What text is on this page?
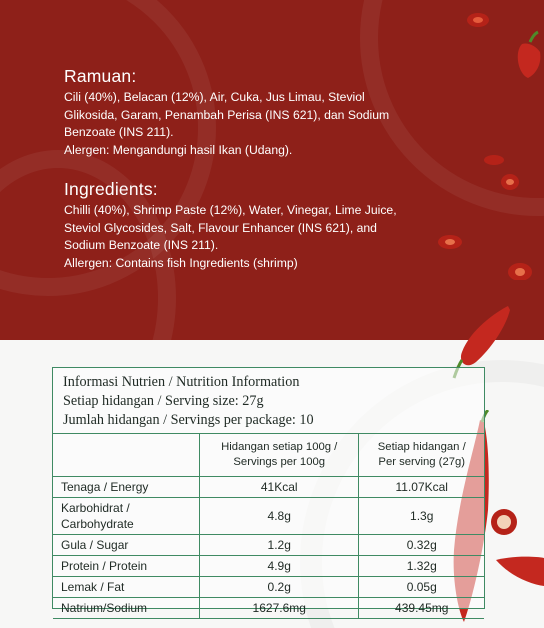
Ramuan:

Cili (40%), Belacan (12%), Air, Cuka, Jus Limau, Steviol
Glikosida, Garam, Penambah Perisa (INS 621), dan Sodium
Benzoate (INS 211).
Alergen: Mengandungi hasil Ikan (Udang).

Ingredients:

Chilli (40%), Shrimp Paste (12%), Water, Vinegar, Lime Juice,
Steviol Glycosides, Salt, Flavour Enhancer (INS 621), and
Sodium Benzoate (INS 211).
Allergen: Contains fish Ingredients (shrimp)

Informasi Nutrien / Nutrition Information
Setiap hidangan / Serving size: 27g
Jumlah hidangan / Servings per package: 10
	Hidangan setiap 100g /
Servings per 100g	Setiap hidangan /
Per serving (27g)
Tenaga / Energy	41Kcal	11.07Kcal
Karbohidrat /
Carbohydrate	4.8g	1.3g
Gula / Sugar	1.2g	0.32g
Protein / Protein	4.9g	1.32g
Lemak / Fat	0.2g	0.05g
Natrium/Sodium	1627.6mg	439.45mg
